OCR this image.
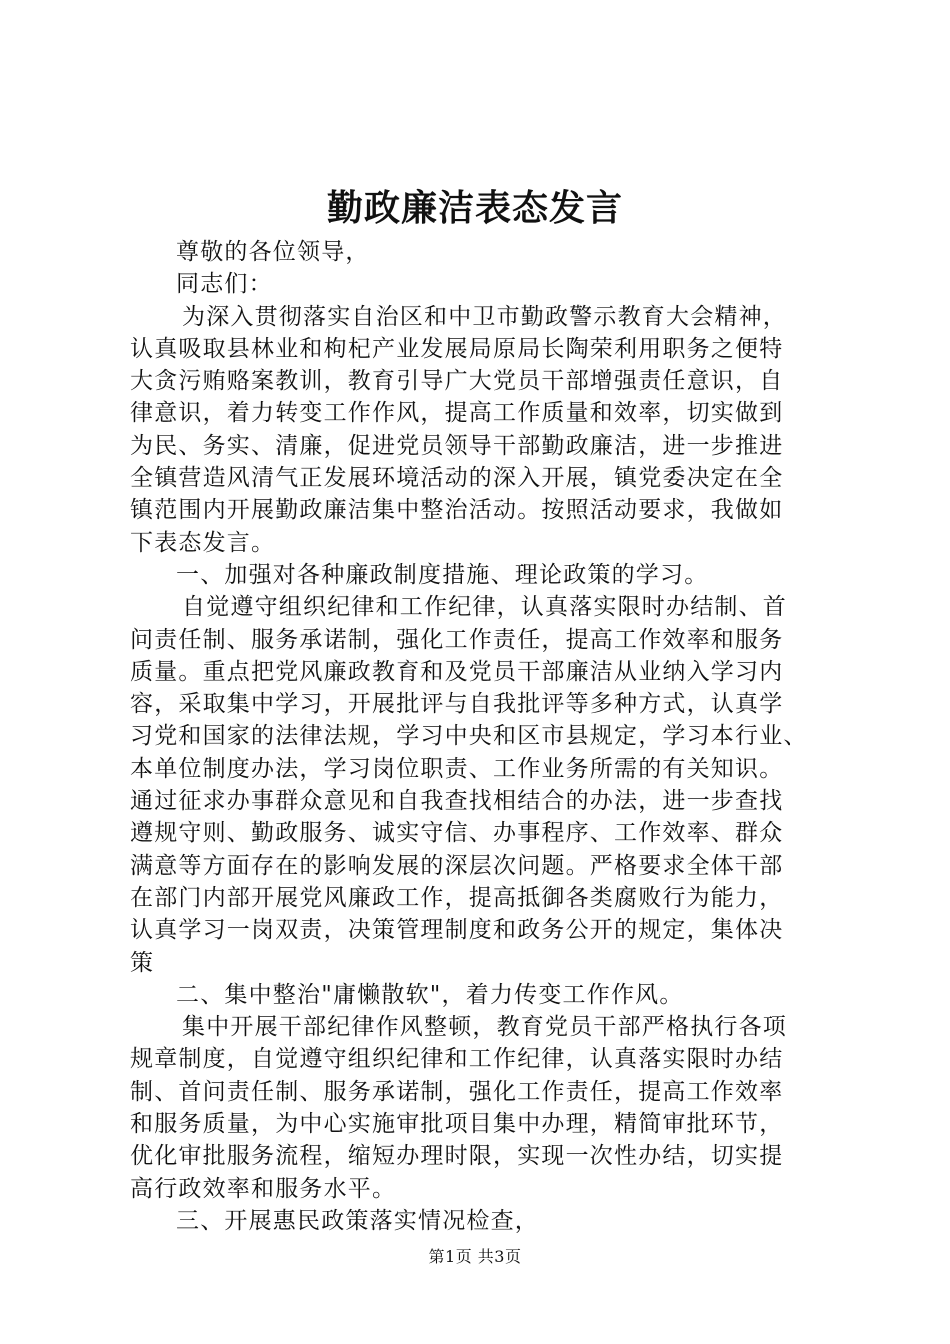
勤政廉洁表态发言
尊敬的各位领导，
同志们：
为深入贯彻落实自治区和中卫市勤政警示教育大会精神，
认真吸取县林业和枸杞产业发展局原局长陶荣利用职务之便特
大贪污贿赂案教训，教育引导广大党员干部增强责任意识，自
律意识，着力转变工作作风，提高工作质量和效率，切实做到
为民、务实、清廉，促进党员领导干部勤政廉洁，进一步推进
全镇营造风清气正发展环境活动的深入开展，镇党委决定在全
镇范围内开展勤政廉洁集中整治活动。按照活动要求，我做如
下表态发言。
一、加强对各种廉政制度措施、理论政策的学习。
自觉遵守组织纪律和工作纪律，认真落实限时办结制、首
问责任制、服务承诺制，强化工作责任，提高工作效率和服务
质量。重点把党风廉政教育和及党员干部廉洁从业纳入学习内
容，采取集中学习，开展批评与自我批评等多种方式，认真学
习党和国家的法律法规，学习中央和区市县规定，学习本行业、
本单位制度办法，学习岗位职责、工作业务所需的有关知识。
通过征求办事群众意见和自我查找相结合的办法，进一步查找
遵规守则、勤政服务、诚实守信、办事程序、工作效率、群众
满意等方面存在的影响发展的深层次问题。严格要求全体干部
在部门内部开展党风廉政工作，提高抵御各类腐败行为能力，
认真学习一岗双责，决策管理制度和政务公开的规定，集体决
策
二、集中整治"庸懒散软"，着力传变工作作风。
集中开展干部纪律作风整顿，教育党员干部严格执行各项
规章制度，自觉遵守组织纪律和工作纪律，认真落实限时办结
制、首问责任制、服务承诺制，强化工作责任，提高工作效率
和服务质量，为中心实施审批项目集中办理，精简审批环节，
优化审批服务流程，缩短办理时限，实现一次性办结，切实提
高行政效率和服务水平。
三、开展惠民政策落实情况检查，
第1页 共3页
